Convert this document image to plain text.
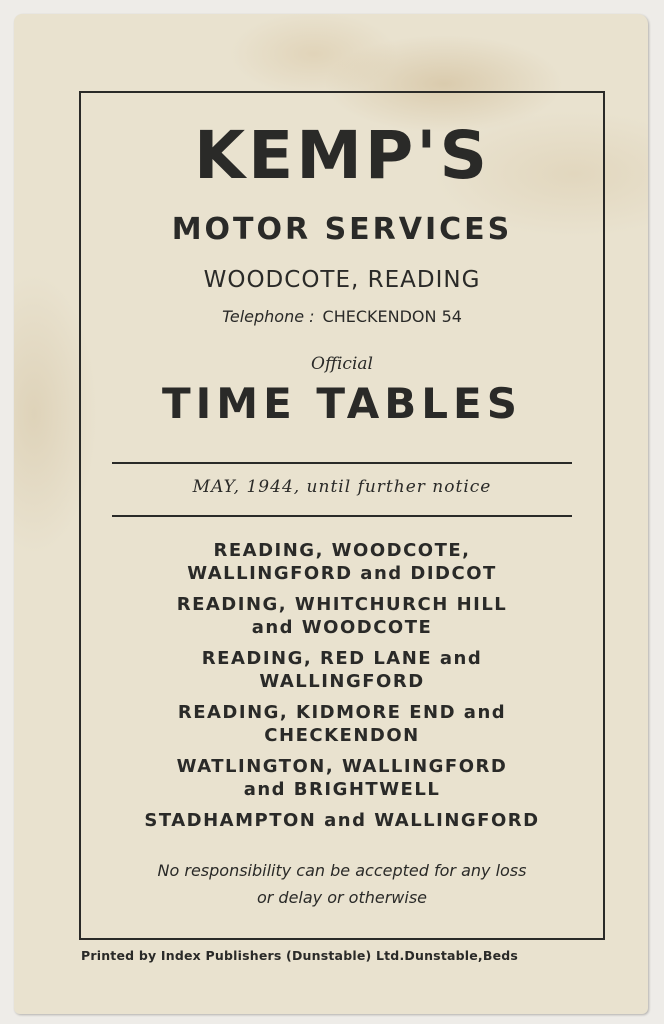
KEMP'S
MOTOR SERVICES
WOODCOTE, READING
Telephone : CHECKENDON 54
Official
TIME TABLES
MAY, 1944, until further notice
READING, WOODCOTE,
WALLINGFORD and DIDCOT
READING, WHITCHURCH HILL
and WOODCOTE
READING, RED LANE and
WALLINGFORD
READING, KIDMORE END and
CHECKENDON
WATLINGTON, WALLINGFORD
and BRIGHTWELL
STADHAMPTON and WALLINGFORD
No responsibility can be accepted for any loss
or delay or otherwise
Printed by Index Publishers (Dunstable) Ltd.Dunstable,Beds
